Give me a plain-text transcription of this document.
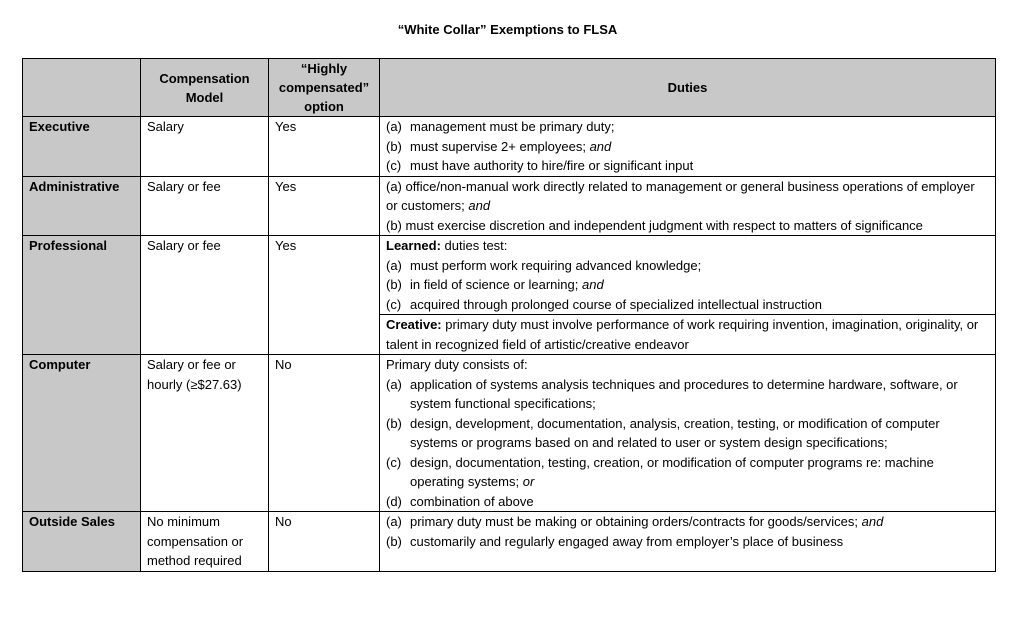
“White Collar” Exemptions to FLSA
	Compensation Model	“Highly compensated” option	Duties
Executive	Salary	Yes	(a) management must be primary duty;
(b) must supervise 2+ employees; and
(c) must have authority to hire/fire or significant input

Administrative	Salary or fee	Yes	(a) office/non-manual work directly related to management or general business operations of employer or customers; and
(b) must exercise discretion and independent judgment with respect to matters of significance

Professional	Salary or fee	Yes	Learned: duties test:
(a) must perform work requiring advanced knowledge;
(b) in field of science or learning; and
(c) acquired through prolonged course of specialized intellectual instruction

			Creative: primary duty must involve performance of work requiring invention, imagination, originality, or talent in recognized field of artistic/creative endeavor

Computer	Salary or fee or hourly (≥$27.63)	No	Primary duty consists of:
(a) application of systems analysis techniques and procedures to determine hardware, software, or system functional specifications;
(b) design, development, documentation, analysis, creation, testing, or modification of computer systems or programs based on and related to user or system design specifications;
(c) design, documentation, testing, creation, or modification of computer programs re: machine operating systems; or
(d) combination of above

Outside Sales	No minimum compensation or method required	No	(a) primary duty must be making or obtaining orders/contracts for goods/services; and
(b) customarily and regularly engaged away from employer’s place of business
